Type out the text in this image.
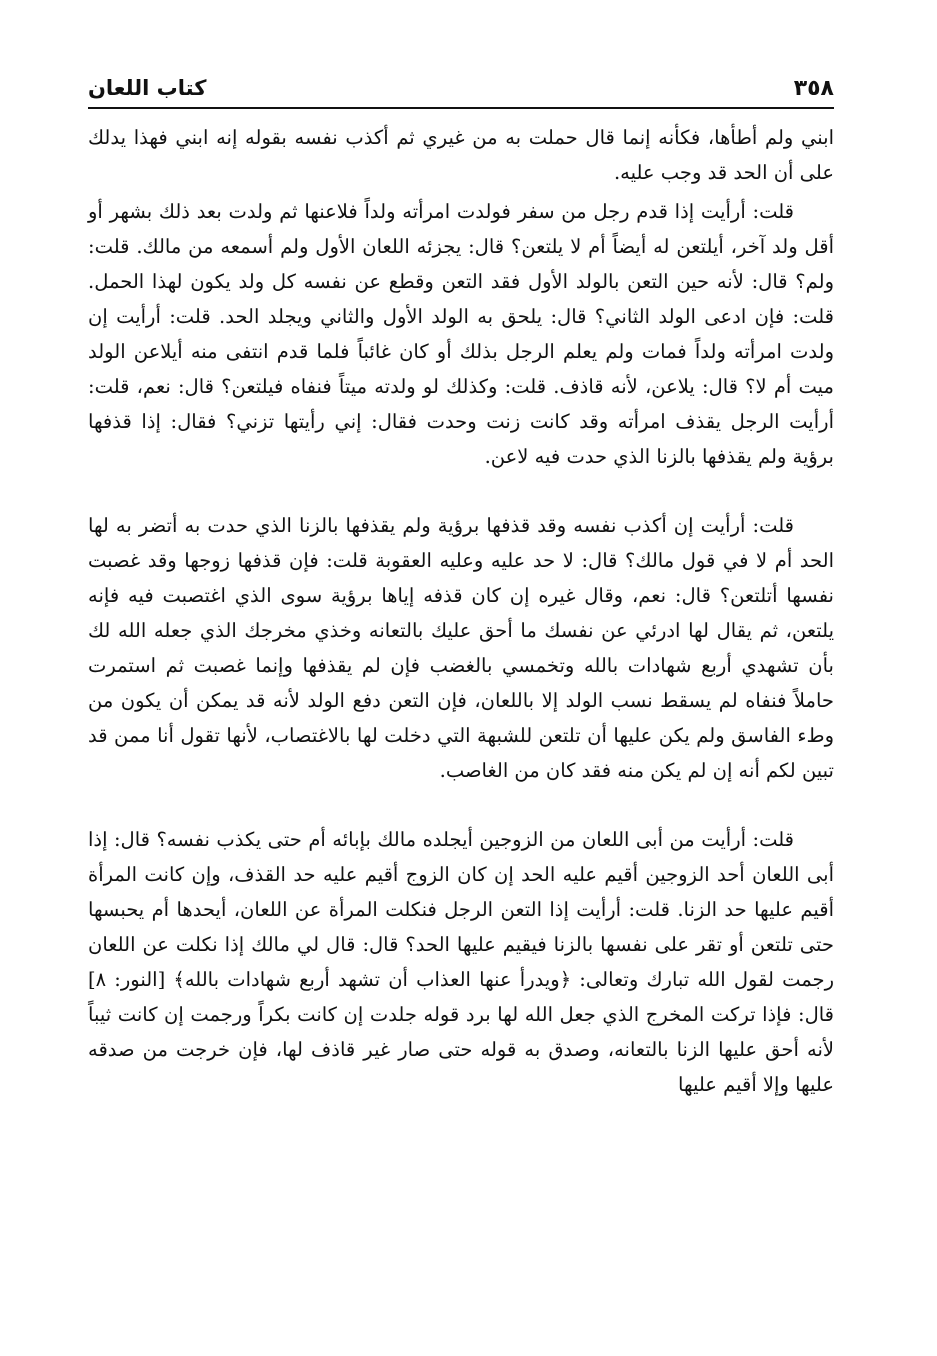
٣٥٨
كتاب اللعان

ابني ولم أطأها، فكأنه إنما قال حملت به من غيري ثم أكذب نفسه بقوله إنه ابني فهذا يدلك على أن الحد قد وجب عليه.

قلت: أرأيت إذا قدم رجل من سفر فولدت امرأته ولداً فلاعنها ثم ولدت بعد ذلك بشهر أو أقل ولد آخر، أيلتعن له أيضاً أم لا يلتعن؟ قال: يجزئه اللعان الأول ولم أسمعه من مالك. قلت: ولم؟ قال: لأنه حين التعن بالولد الأول فقد التعن وقطع عن نفسه كل ولد يكون لهذا الحمل. قلت: فإن ادعى الولد الثاني؟ قال: يلحق به الولد الأول والثاني ويجلد الحد. قلت: أرأيت إن ولدت امرأته ولداً فمات ولم يعلم الرجل بذلك أو كان غائباً فلما قدم انتفى منه أيلاعن الولد ميت أم لا؟ قال: يلاعن، لأنه قاذف. قلت: وكذلك لو ولدته ميتاً فنفاه فيلتعن؟ قال: نعم، قلت: أرأيت الرجل يقذف امرأته وقد كانت زنت وحدت فقال: إني رأيتها تزني؟ فقال: إذا قذفها برؤية ولم يقذفها بالزنا الذي حدت فيه لاعن.

قلت: أرأيت إن أكذب نفسه وقد قذفها برؤية ولم يقذفها بالزنا الذي حدت به أتضر به لها الحد أم لا في قول مالك؟ قال: لا حد عليه وعليه العقوبة قلت: فإن قذفها زوجها وقد غصبت نفسها أتلتعن؟ قال: نعم، وقال غيره إن كان قذفه إياها برؤية سوى الذي اغتصبت فيه فإنه يلتعن، ثم يقال لها ادرئي عن نفسك ما أحق عليك بالتعانه وخذي مخرجك الذي جعله الله لك بأن تشهدي أربع شهادات بالله وتخمسي بالغضب فإن لم يقذفها وإنما غصبت ثم استمرت حاملاً فنفاه لم يسقط نسب الولد إلا باللعان، فإن التعن دفع الولد لأنه قد يمكن أن يكون من وطء الفاسق ولم يكن عليها أن تلتعن للشبهة التي دخلت لها بالاغتصاب، لأنها تقول أنا ممن قد تبين لكم أنه إن لم يكن منه فقد كان من الغاصب.

قلت: أرأيت من أبى اللعان من الزوجين أيجلده مالك بإبائه أم حتى يكذب نفسه؟ قال: إذا أبى اللعان أحد الزوجين أقيم عليه الحد إن كان الزوج أقيم عليه حد القذف، وإن كانت المرأة أقيم عليها حد الزنا. قلت: أرأيت إذا التعن الرجل فنكلت المرأة عن اللعان، أيحدها أم يحبسها حتى تلتعن أو تقر على نفسها بالزنا فيقيم عليها الحد؟ قال: قال لي مالك إذا نكلت عن اللعان رجمت لقول الله تبارك وتعالى: ﴿ويدرأ عنها العذاب أن تشهد أربع شهادات بالله﴾ [النور: ٨] قال: فإذا تركت المخرج الذي جعل الله لها برد قوله جلدت إن كانت بكراً ورجمت إن كانت ثيباً لأنه أحق عليها الزنا بالتعانه، وصدق به قوله حتى صار غير قاذف لها، فإن خرجت من صدقه عليها وإلا أقيم عليها
